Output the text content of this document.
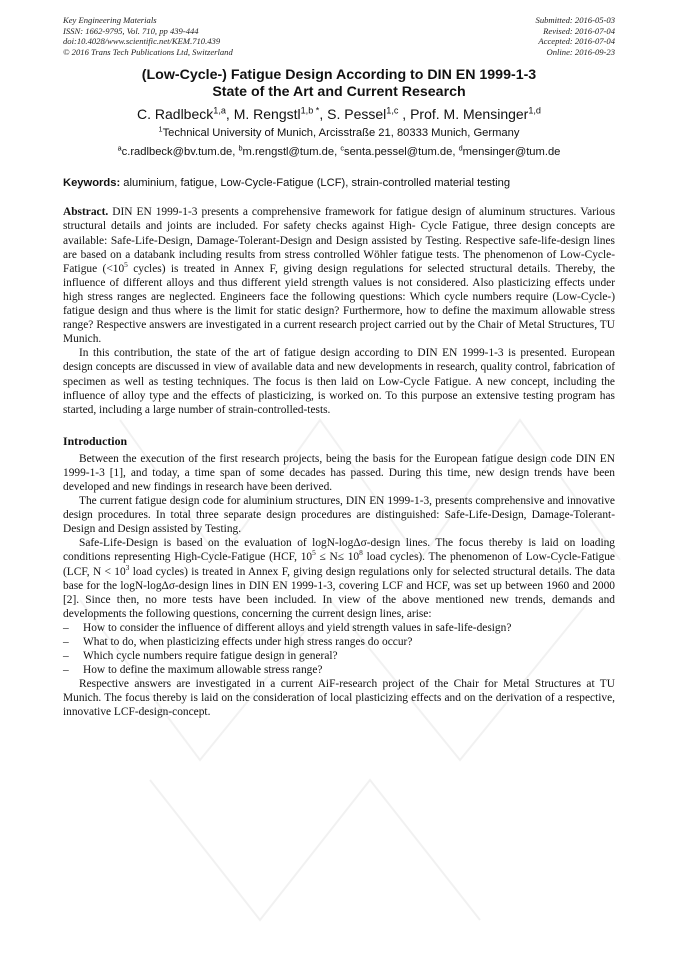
Key Engineering Materials
ISSN: 1662-9795, Vol. 710, pp 439-444
doi:10.4028/www.scientific.net/KEM.710.439
© 2016 Trans Tech Publications Ltd, Switzerland
Submitted: 2016-05-03
Revised: 2016-07-04
Accepted: 2016-07-04
Online: 2016-09-23
(Low-Cycle-) Fatigue Design According to DIN EN 1999-1-3
State of the Art and Current Research
C. Radlbeck$^{1,a}$, M. Rengstl$^{1,b *}$, S. Pessel$^{1,c}$ , Prof. M. Mensinger$^{1,d}$
$^1$Technical University of Munich, Arcisstraße 21, 80333 Munich, Germany
$^a$c.radlbeck@bv.tum.de, $^b$m.rengstl@tum.de, $^c$senta.pessel@tum.de, $^d$mensinger@tum.de
Keywords: aluminium, fatigue, Low-Cycle-Fatigue (LCF), strain-controlled material testing
Abstract. DIN EN 1999-1-3 presents a comprehensive framework for fatigue design of aluminum structures. Various structural details and joints are included. For safety checks against High- Cycle Fatigue, three design concepts are available: Safe-Life-Design, Damage-Tolerant-Design and Design assisted by Testing. Respective safe-life-design lines are based on a databank including results from stress controlled Wöhler fatigue tests. The phenomenon of Low-Cycle-Fatigue ($<10^5$ cycles) is treated in Annex F, giving design regulations for selected structural details. Thereby, the influence of different alloys and thus different yield strength values is not considered. Also plasticizing effects under high stress ranges are neglected. Engineers face the following questions: Which cycle numbers require (Low-Cycle-) fatigue design and thus where is the limit for static design? Furthermore, how to define the maximum allowable stress range? Respective answers are investigated in a current research project carried out by the Chair of Metal Structures, TU Munich.
In this contribution, the state of the art of fatigue design according to DIN EN 1999-1-3 is presented. European design concepts are discussed in view of available data and new developments in research, quality control, fabrication of specimen as well as testing techniques. The focus is then laid on Low-Cycle Fatigue. A new concept, including the influence of alloy type and the effects of plasticizing, is worked on. To this purpose an extensive testing program has started, including a large number of strain-controlled-tests.
Introduction
Between the execution of the first research projects, being the basis for the European fatigue design code DIN EN 1999-1-3 [1], and today, a time span of some decades has passed. During this time, new design trends have been developed and new findings in research have been derived.
The current fatigue design code for aluminium structures, DIN EN 1999-1-3, presents comprehensive and innovative design procedures. In total three separate design procedures are distinguished: Safe-Life-Design, Damage-Tolerant-Design and Design assisted by Testing.
Safe-Life-Design is based on the evaluation of logN-logΔσ-design lines. The focus thereby is laid on loading conditions representing High-Cycle-Fatigue (HCF, $10^5 \le N\le 10^8$ load cycles). The phenomenon of Low-Cycle-Fatigue (LCF, $N < 10^3$ load cycles) is treated in Annex F, giving design regulations only for selected structural details. The data base for the logN-logΔσ-design lines in DIN EN 1999-1-3, covering LCF and HCF, was set up between 1960 and 2000 [2]. Since then, no more tests have been included. In view of the above mentioned new trends, demands and developments the following questions, concerning the current design lines, arise:
– How to consider the influence of different alloys and yield strength values in safe-life-design?
– What to do, when plasticizing effects under high stress ranges do occur?
– Which cycle numbers require fatigue design in general?
– How to define the maximum allowable stress range?
Respective answers are investigated in a current AiF-research project of the Chair for Metal Structures at TU Munich. The focus thereby is laid on the consideration of local plasticizing effects and on the derivation of a respective, innovative LCF-design-concept.
